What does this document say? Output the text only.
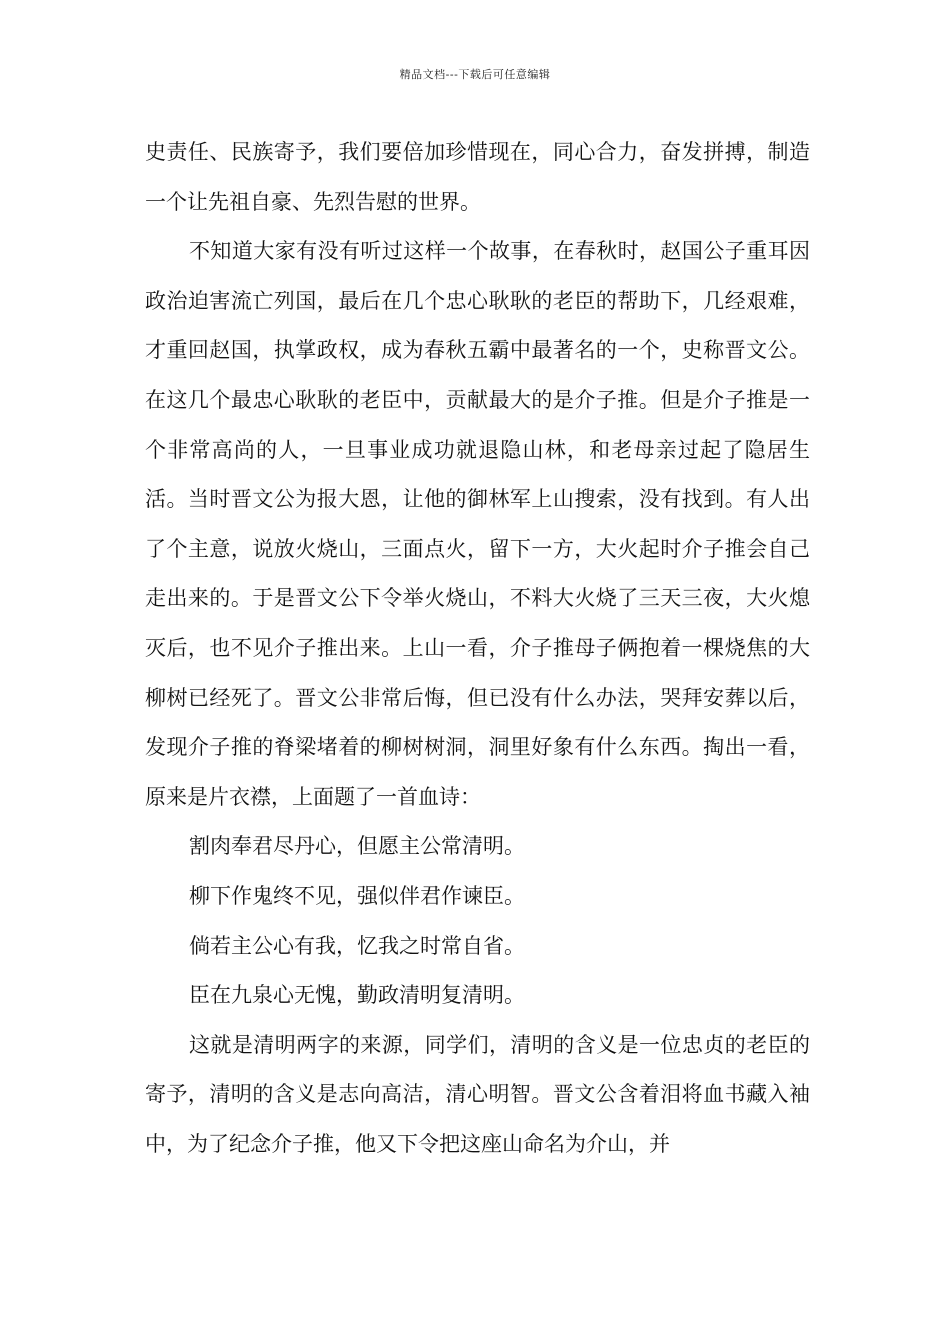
精品文档---下载后可任意编辑

史责任、民族寄予，我们要倍加珍惜现在，同心合力，奋发拼搏，制造一个让先祖自豪、先烈告慰的世界。

不知道大家有没有听过这样一个故事，在春秋时，赵国公子重耳因政治迫害流亡列国，最后在几个忠心耿耿的老臣的帮助下，几经艰难，才重回赵国，执掌政权，成为春秋五霸中最著名的一个，史称晋文公。在这几个最忠心耿耿的老臣中，贡献最大的是介子推。但是介子推是一个非常高尚的人，一旦事业成功就退隐山林，和老母亲过起了隐居生活。当时晋文公为报大恩，让他的御林军上山搜索，没有找到。有人出了个主意，说放火烧山，三面点火，留下一方，大火起时介子推会自己走出来的。于是晋文公下令举火烧山，不料大火烧了三天三夜，大火熄灭后，也不见介子推出来。上山一看，介子推母子俩抱着一棵烧焦的大柳树已经死了。晋文公非常后悔，但已没有什么办法，哭拜安葬以后，发现介子推的脊梁堵着的柳树树洞，洞里好象有什么东西。掏出一看，原来是片衣襟，上面题了一首血诗：

割肉奉君尽丹心，但愿主公常清明。

柳下作鬼终不见，强似伴君作谏臣。

倘若主公心有我，忆我之时常自省。

臣在九泉心无愧，勤政清明复清明。

这就是清明两字的来源，同学们，清明的含义是一位忠贞的老臣的寄予，清明的含义是志向高洁，清心明智。晋文公含着泪将血书藏入袖中，为了纪念介子推，他又下令把这座山命名为介山，并
